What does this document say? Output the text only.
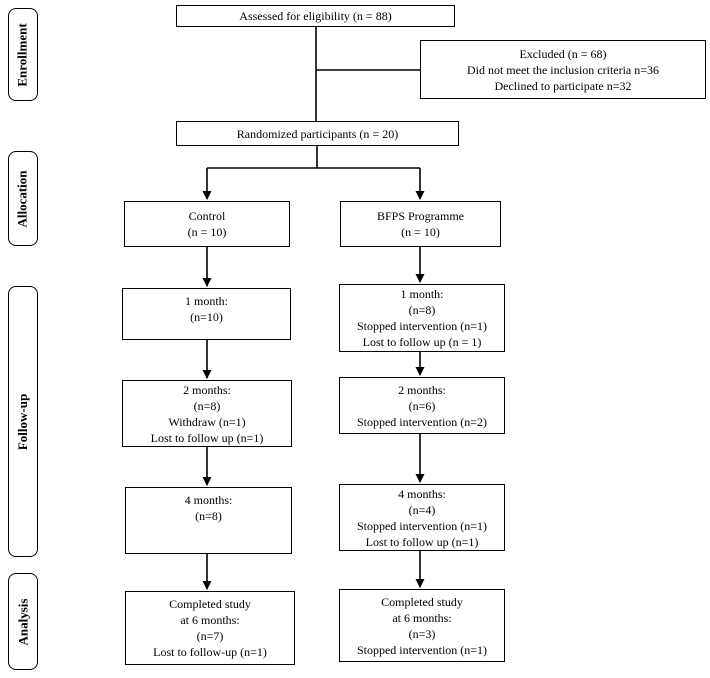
Enrollment
Allocation
Follow-up
Analysis
Assessed for eligibility (n = 88)
Excluded (n = 68)
Did not meet the inclusion criteria n=36
Declined to participate n=32
Randomized participants (n = 20)
Control
(n = 10)
BFPS Programme
(n = 10)
1 month:
(n=10)
1 month:
(n=8)
Stopped intervention (n=1)
Lost to follow up (n = 1)
2 months:
(n=8)
Withdraw (n=1)
Lost to follow up (n=1)
2 months:
(n=6)
Stopped intervention (n=2)
4 months:
(n=8)
4 months:
(n=4)
Stopped intervention (n=1)
Lost to follow up (n=1)
Completed study
at 6 months:
(n=7)
Lost to follow-up (n=1)
Completed study
at 6 months:
(n=3)
Stopped intervention (n=1)
